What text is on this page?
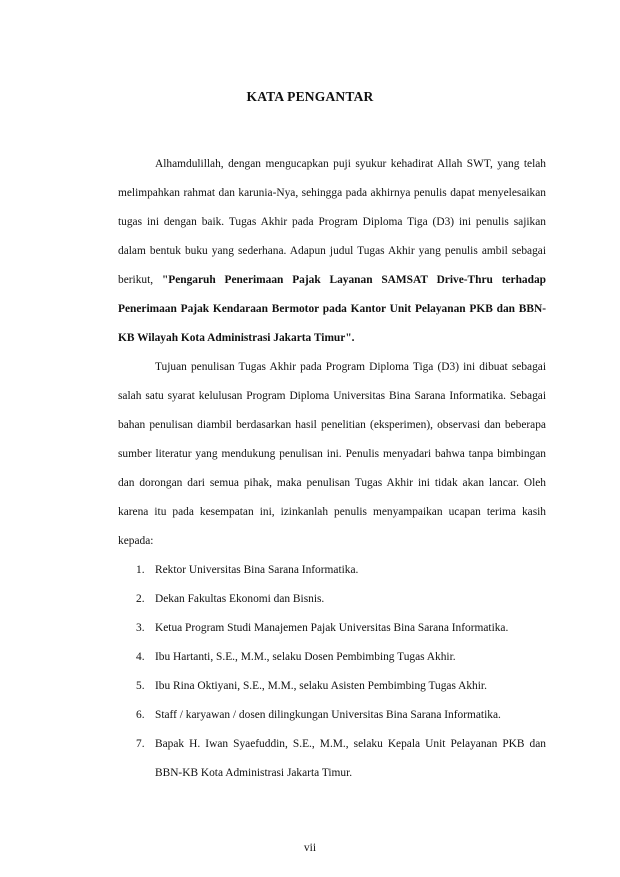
KATA PENGANTAR

Alhamdulillah, dengan mengucapkan puji syukur kehadirat Allah SWT, yang telah melimpahkan rahmat dan karunia-Nya, sehingga pada akhirnya penulis dapat menyelesaikan tugas ini dengan baik. Tugas Akhir pada Program Diploma Tiga (D3) ini penulis sajikan dalam bentuk buku yang sederhana. Adapun judul Tugas Akhir yang penulis ambil sebagai berikut, "Pengaruh Penerimaan Pajak Layanan SAMSAT Drive-Thru terhadap Penerimaan Pajak Kendaraan Bermotor pada Kantor Unit Pelayanan PKB dan BBN-KB Wilayah Kota Administrasi Jakarta Timur".

Tujuan penulisan Tugas Akhir pada Program Diploma Tiga (D3) ini dibuat sebagai salah satu syarat kelulusan Program Diploma Universitas Bina Sarana Informatika. Sebagai bahan penulisan diambil berdasarkan hasil penelitian (eksperimen), observasi dan beberapa sumber literatur yang mendukung penulisan ini. Penulis menyadari bahwa tanpa bimbingan dan dorongan dari semua pihak, maka penulisan Tugas Akhir ini tidak akan lancar. Oleh karena itu pada kesempatan ini, izinkanlah penulis menyampaikan ucapan terima kasih kepada:

1. Rektor Universitas Bina Sarana Informatika.
2. Dekan Fakultas Ekonomi dan Bisnis.
3. Ketua Program Studi Manajemen Pajak Universitas Bina Sarana Informatika.
4. Ibu Hartanti, S.E., M.M., selaku Dosen Pembimbing Tugas Akhir.
5. Ibu Rina Oktiyani, S.E., M.M., selaku Asisten Pembimbing Tugas Akhir.
6. Staff / karyawan / dosen dilingkungan Universitas Bina Sarana Informatika.
7. Bapak H. Iwan Syaefuddin, S.E., M.M., selaku Kepala Unit Pelayanan PKB dan BBN-KB Kota Administrasi Jakarta Timur.
vii
